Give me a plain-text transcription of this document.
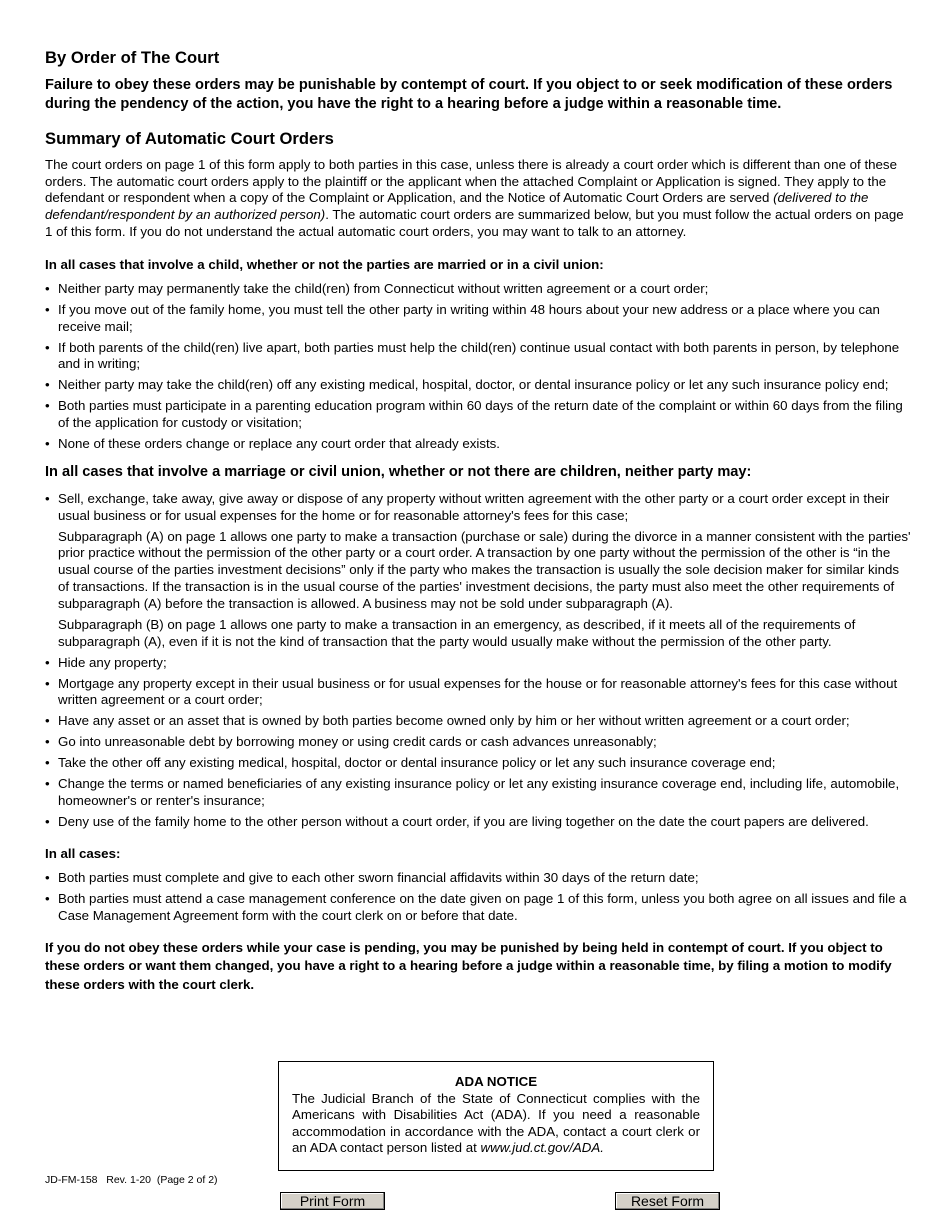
By Order of The Court

Failure to obey these orders may be punishable by contempt of court. If you object to or seek modification of these orders during the pendency of the action, you have the right to a hearing before a judge within a reasonable time.

Summary of Automatic Court Orders

The court orders on page 1 of this form apply to both parties in this case, unless there is already a court order which is different than one of these orders. The automatic court orders apply to the plaintiff or the applicant when the attached Complaint or Application is signed. They apply to the defendant or respondent when a copy of the Complaint or Application, and the Notice of Automatic Court Orders are served (delivered to the defendant/respondent by an authorized person). The automatic court orders are summarized below, but you must follow the actual orders on page 1 of this form. If you do not understand the actual automatic court orders, you may want to talk to an attorney.

In all cases that involve a child, whether or not the parties are married or in a civil union:
• Neither party may permanently take the child(ren) from Connecticut without written agreement or a court order;
• If you move out of the family home, you must tell the other party in writing within 48 hours about your new address or a place where you can receive mail;
• If both parents of the child(ren) live apart, both parties must help the child(ren) continue usual contact with both parents in person, by telephone and in writing;
• Neither party may take the child(ren) off any existing medical, hospital, doctor, or dental insurance policy or let any such insurance policy end;
• Both parties must participate in a parenting education program within 60 days of the return date of the complaint or within 60 days from the filing of the application for custody or visitation;
• None of these orders change or replace any court order that already exists.
In all cases that involve a marriage or civil union, whether or not there are children, neither party may:
• Sell, exchange, take away, give away or dispose of any property without written agreement with the other party or a court order except in their usual business or for usual expenses for the home or for reasonable attorney's fees for this case;
Subparagraph (A) on page 1 allows one party to make a transaction (purchase or sale) during the divorce in a manner consistent with the parties' prior practice without the permission of the other party or a court order. A transaction by one party without the permission of the other is “in the usual course of the parties investment decisions” only if the party who makes the transaction is usually the sole decision maker for similar kinds of transactions. If the transaction is in the usual course of the parties' investment decisions, the party must also meet the other requirements of subparagraph (A) before the transaction is allowed. A business may not be sold under subparagraph (A).
Subparagraph (B) on page 1 allows one party to make a transaction in an emergency, as described, if it meets all of the requirements of subparagraph (A), even if it is not the kind of transaction that the party would usually make without the permission of the other party.
• Hide any property;
• Mortgage any property except in their usual business or for usual expenses for the house or for reasonable attorney's fees for this case without written agreement or a court order;
• Have any asset or an asset that is owned by both parties become owned only by him or her without written agreement or a court order;
• Go into unreasonable debt by borrowing money or using credit cards or cash advances unreasonably;
• Take the other off any existing medical, hospital, doctor or dental insurance policy or let any such insurance coverage end;
• Change the terms or named beneficiaries of any existing insurance policy or let any existing insurance coverage end, including life, automobile, homeowner's or renter's insurance;
• Deny use of the family home to the other person without a court order, if you are living together on the date the court papers are delivered.
In all cases:
• Both parties must complete and give to each other sworn financial affidavits within 30 days of the return date;
• Both parties must attend a case management conference on the date given on page 1 of this form, unless you both agree on all issues and file a Case Management Agreement form with the court clerk on or before that date.

If you do not obey these orders while your case is pending, you may be punished by being held in contempt of court. If you object to these orders or want them changed, you have a right to a hearing before a judge within a reasonable time, by filing a motion to modify these orders with the court clerk.

ADA NOTICE
The Judicial Branch of the State of Connecticut complies with the Americans with Disabilities Act (ADA). If you need a reasonable accommodation in accordance with the ADA, contact a court clerk or an ADA contact person listed at www.jud.ct.gov/ADA.
JD-FM-158   Rev. 1-20  (Page 2 of 2)
Print Form	Reset Form
